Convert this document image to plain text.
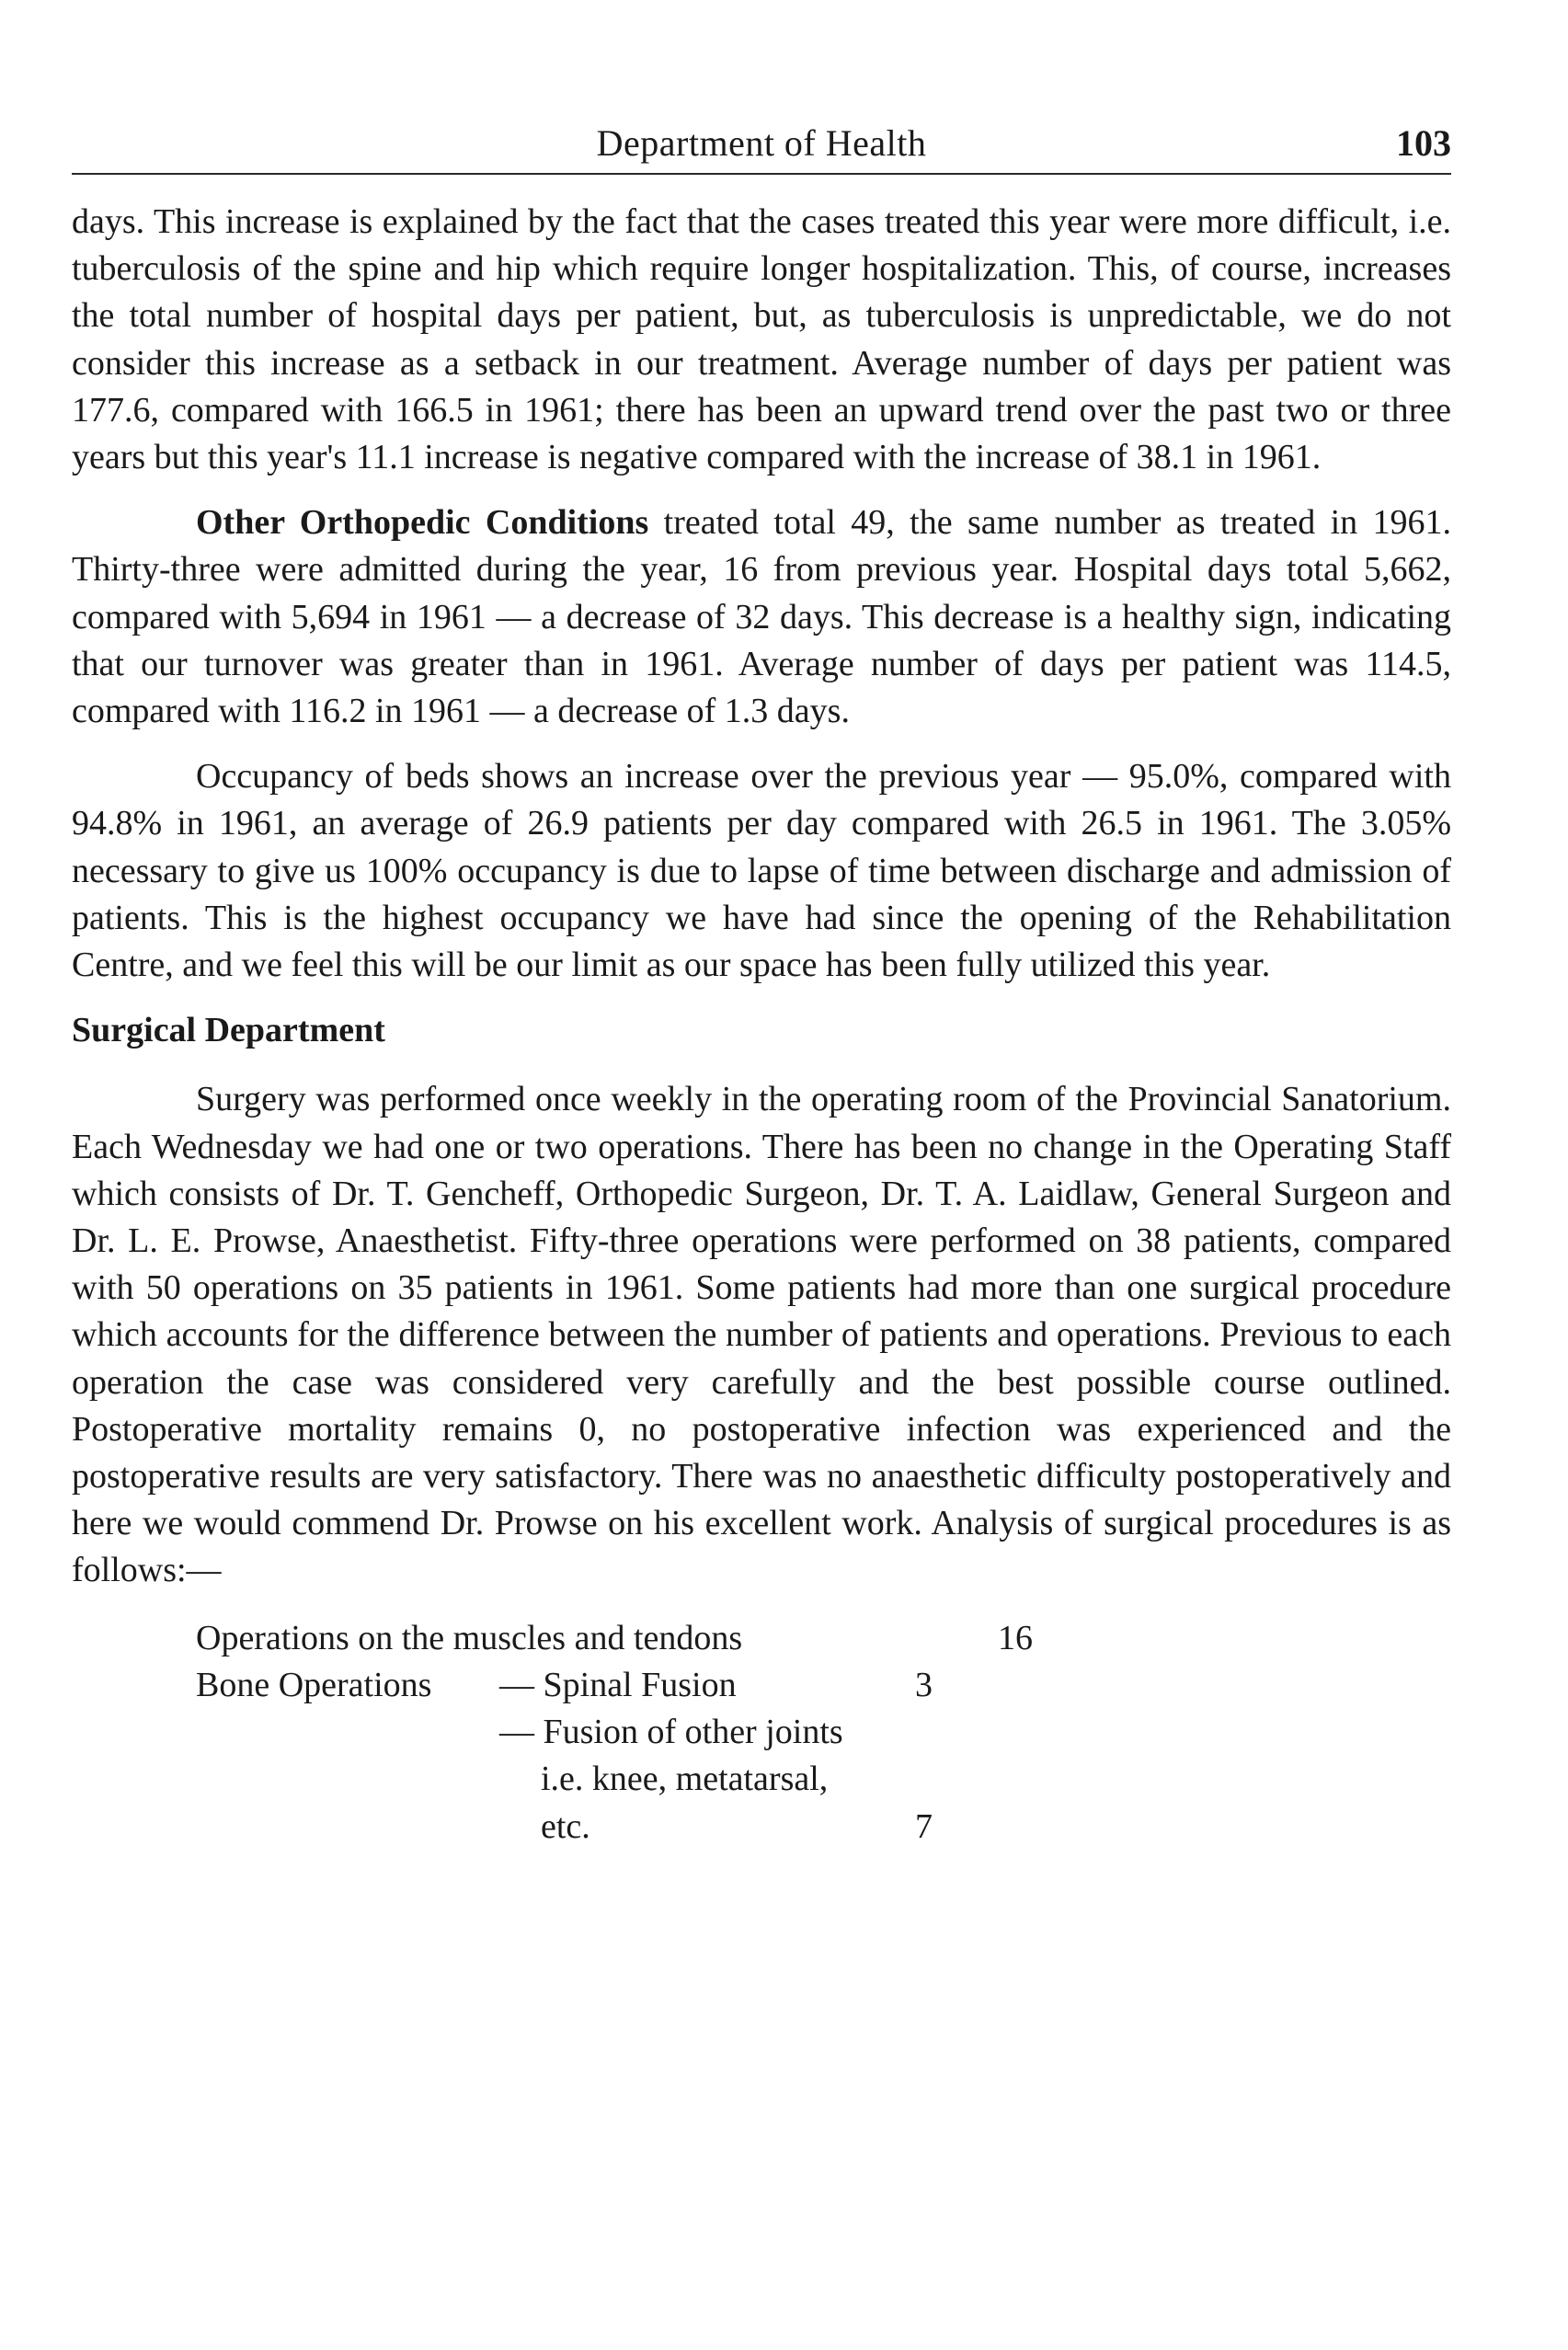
Department of Health	103

days. This increase is explained by the fact that the cases treated this year were more difficult, i.e. tuberculosis of the spine and hip which require longer hospitalization. This, of course, increases the total number of hospital days per patient, but, as tuberculosis is unpredictable, we do not consider this increase as a setback in our treatment. Average number of days per patient was 177.6, compared with 166.5 in 1961; there has been an upward trend over the past two or three years but this year's 11.1 increase is negative compared with the increase of 38.1 in 1961.

Other Orthopedic Conditions treated total 49, the same number as treated in 1961. Thirty-three were admitted during the year, 16 from previous year. Hospital days total 5,662, compared with 5,694 in 1961 — a decrease of 32 days. This decrease is a healthy sign, indicating that our turnover was greater than in 1961. Average number of days per patient was 114.5, compared with 116.2 in 1961 — a decrease of 1.3 days.

Occupancy of beds shows an increase over the previous year — 95.0%, compared with 94.8% in 1961, an average of 26.9 patients per day compared with 26.5 in 1961. The 3.05% necessary to give us 100% occupancy is due to lapse of time between discharge and admission of patients. This is the highest occupancy we have had since the opening of the Rehabilitation Centre, and we feel this will be our limit as our space has been fully utilized this year.

Surgical Department

Surgery was performed once weekly in the operating room of the Provincial Sanatorium. Each Wednesday we had one or two operations. There has been no change in the Operating Staff which consists of Dr. T. Gencheff, Orthopedic Surgeon, Dr. T. A. Laidlaw, General Surgeon and Dr. L. E. Prowse, Anaesthetist. Fifty-three operations were performed on 38 patients, compared with 50 operations on 35 patients in 1961. Some patients had more than one surgical procedure which accounts for the difference between the number of patients and operations. Previous to each operation the case was considered very carefully and the best possible course outlined. Postoperative mortality remains 0, no postoperative infection was experienced and the postoperative results are very satisfactory. There was no anaesthetic difficulty postoperatively and here we would commend Dr. Prowse on his excellent work. Analysis of surgical procedures is as follows:—

Operations on the muscles and tendons			16
Bone Operations	— Spinal Fusion	3	

	— Fusion of other joints
i.e. knee, metatarsal,
etc.	7	
